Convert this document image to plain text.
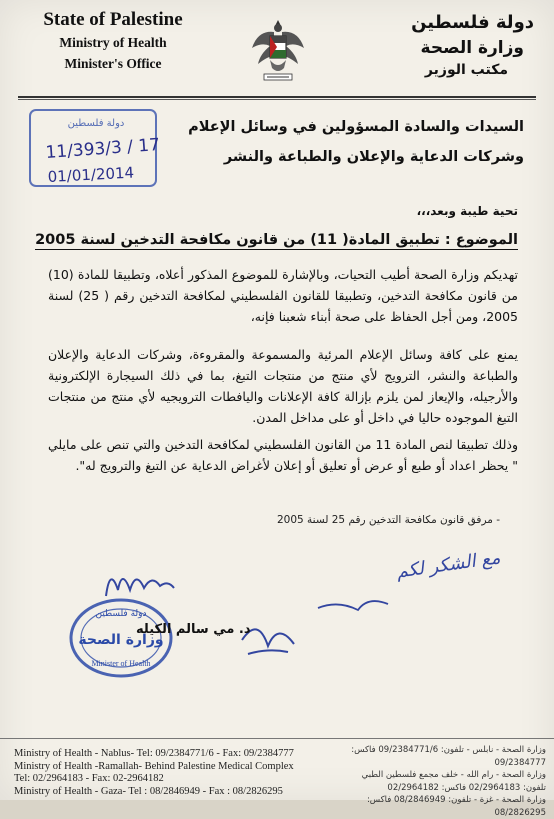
State of Palestine
Ministry of Health
Minister's Office
دولة فلسطين
وزارة الصحة
مكتب الوزير
دولة فلسطين
11/393/3 / 17
01/01/2014
السيدات والسادة المسؤولين في وسائل الإعلام
وشركات الدعاية والإعلان والطباعة والنشر
تحية طيبة وبعد،،،
الموضوع : تطبيق المادة( 11) من قانون مكافحة التدخين لسنة 2005
تهديكم وزارة الصحة أطيب التحيات، وبالإشارة للموضوع المذكور أعلاه، وتطبيقا للمادة (10) من قانون مكافحة التدخين، وتطبيقا للقانون الفلسطيني لمكافحة التدخين رقم ( 25) لسنة 2005، ومن أجل الحفاظ على صحة أبناء شعبنا فإنه،
يمنع على كافة وسائل الإعلام المرئية والمسموعة والمقروءة، وشركات الدعاية والإعلان والطباعة والنشر، الترويج لأي منتج من منتجات التبغ، بما في ذلك السيجارة الإلكترونية والأرجيله، والإيعاز لمن يلزم بإزالة كافة الإعلانات واليافطات الترويجيه لأي منتج من منتجات التبغ الموجوده حاليا في داخل أو على مداخل المدن.
وذلك تطبيقا لنص المادة 11 من القانون الفلسطيني لمكافحة التدخين والتي تنص على مايلي " يحظر اعداد أو طبع أو عرض أو تعليق أو إعلان لأغراض الدعاية عن التبغ والترويج له".
- مرفق قانون مكافحة التدخين رقم 25 لسنة 2005
مع الشكر لكم
دولة فلسطين
وزارة الصحة
Minister of Health
د. مي سالم الكيله
Ministry of Health - Nablus- Tel: 09/2384771/6 - Fax: 09/2384777
Ministry of Health -Ramallah- Behind Palestine Medical Complex
Tel: 02/2964183 - Fax: 02-2964182
Ministry of Health - Gaza- Tel : 08/2846949 - Fax : 08/2826295
وزارة الصحة - نابلس - تلفون: 09/2384771/6 فاكس: 09/2384777
وزارة الصحة - رام الله - خلف مجمع فلسطين الطبي
تلفون: 02/2964183 فاكس: 02/2964182
وزارة الصحة - غزة - تلفون: 08/2846949 فاكس: 08/2826295
